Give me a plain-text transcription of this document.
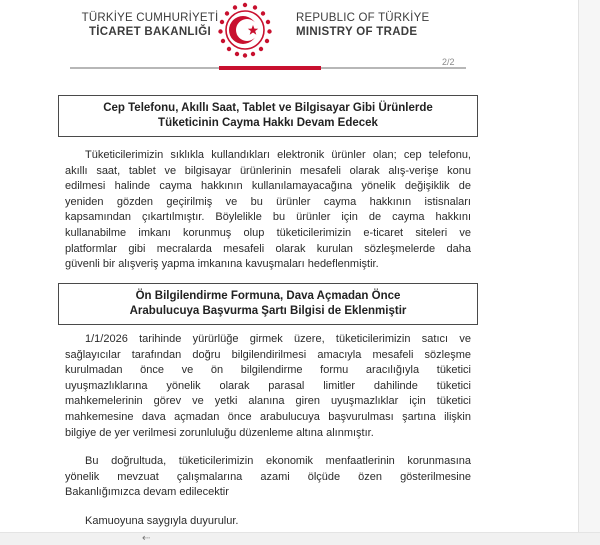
TÜRKİYE CUMHURİYETİ
TİCARET BAKANLIĞI
REPUBLIC OF TÜRKİYE
MINISTRY OF TRADE
2/2
Cep Telefonu, Akıllı Saat, Tablet ve Bilgisayar Gibi Ürünlerde
Tüketicinin Cayma Hakkı Devam Edecek
Tüketicilerimizin sıklıkla kullandıkları elektronik ürünler olan; cep telefonu,
akıllı saat, tablet ve bilgisayar ürünlerinin mesafeli olarak alış-verişe konu
edilmesi halinde cayma hakkının kullanılamayacağına yönelik değişiklik de
yeniden gözden geçirilmiş ve bu ürünler cayma hakkının istisnaları
kapsamından çıkartılmıştır. Böylelikle bu ürünler için de cayma hakkını
kullanabilme imkanı korunmuş olup tüketicilerimizin e-ticaret siteleri ve
platformlar gibi mecralarda mesafeli olarak kurulan sözleşmelerde daha
güvenli bir alışveriş yapma imkanına kavuşmaları hedeflenmiştir.
Ön Bilgilendirme Formuna, Dava Açmadan Önce
Arabulucuya Başvurma Şartı Bilgisi de Eklenmiştir
1/1/2026 tarihinde yürürlüğe girmek üzere, tüketicilerimizin satıcı ve
sağlayıcılar tarafından doğru bilgilendirilmesi amacıyla mesafeli sözleşme
kurulmadan önce ve ön bilgilendirme formu aracılığıyla tüketici
uyuşmazlıklarına yönelik olarak parasal limitler dahilinde tüketici
mahkemelerinin görev ve yetki alanına giren uyuşmazlıklar için tüketici
mahkemesine dava açmadan önce arabulucuya başvurulması şartına ilişkin
bilgiye de yer verilmesi zorunluluğu düzenleme altına alınmıştır.
Bu doğrultuda, tüketicilerimizin ekonomik menfaatlerinin korunmasına
yönelik mevzuat çalışmalarına azami ölçüde özen gösterilmesine
Bakanlığımızca devam edilecektir
Kamuoyuna saygıyla duyurulur.
⇠
